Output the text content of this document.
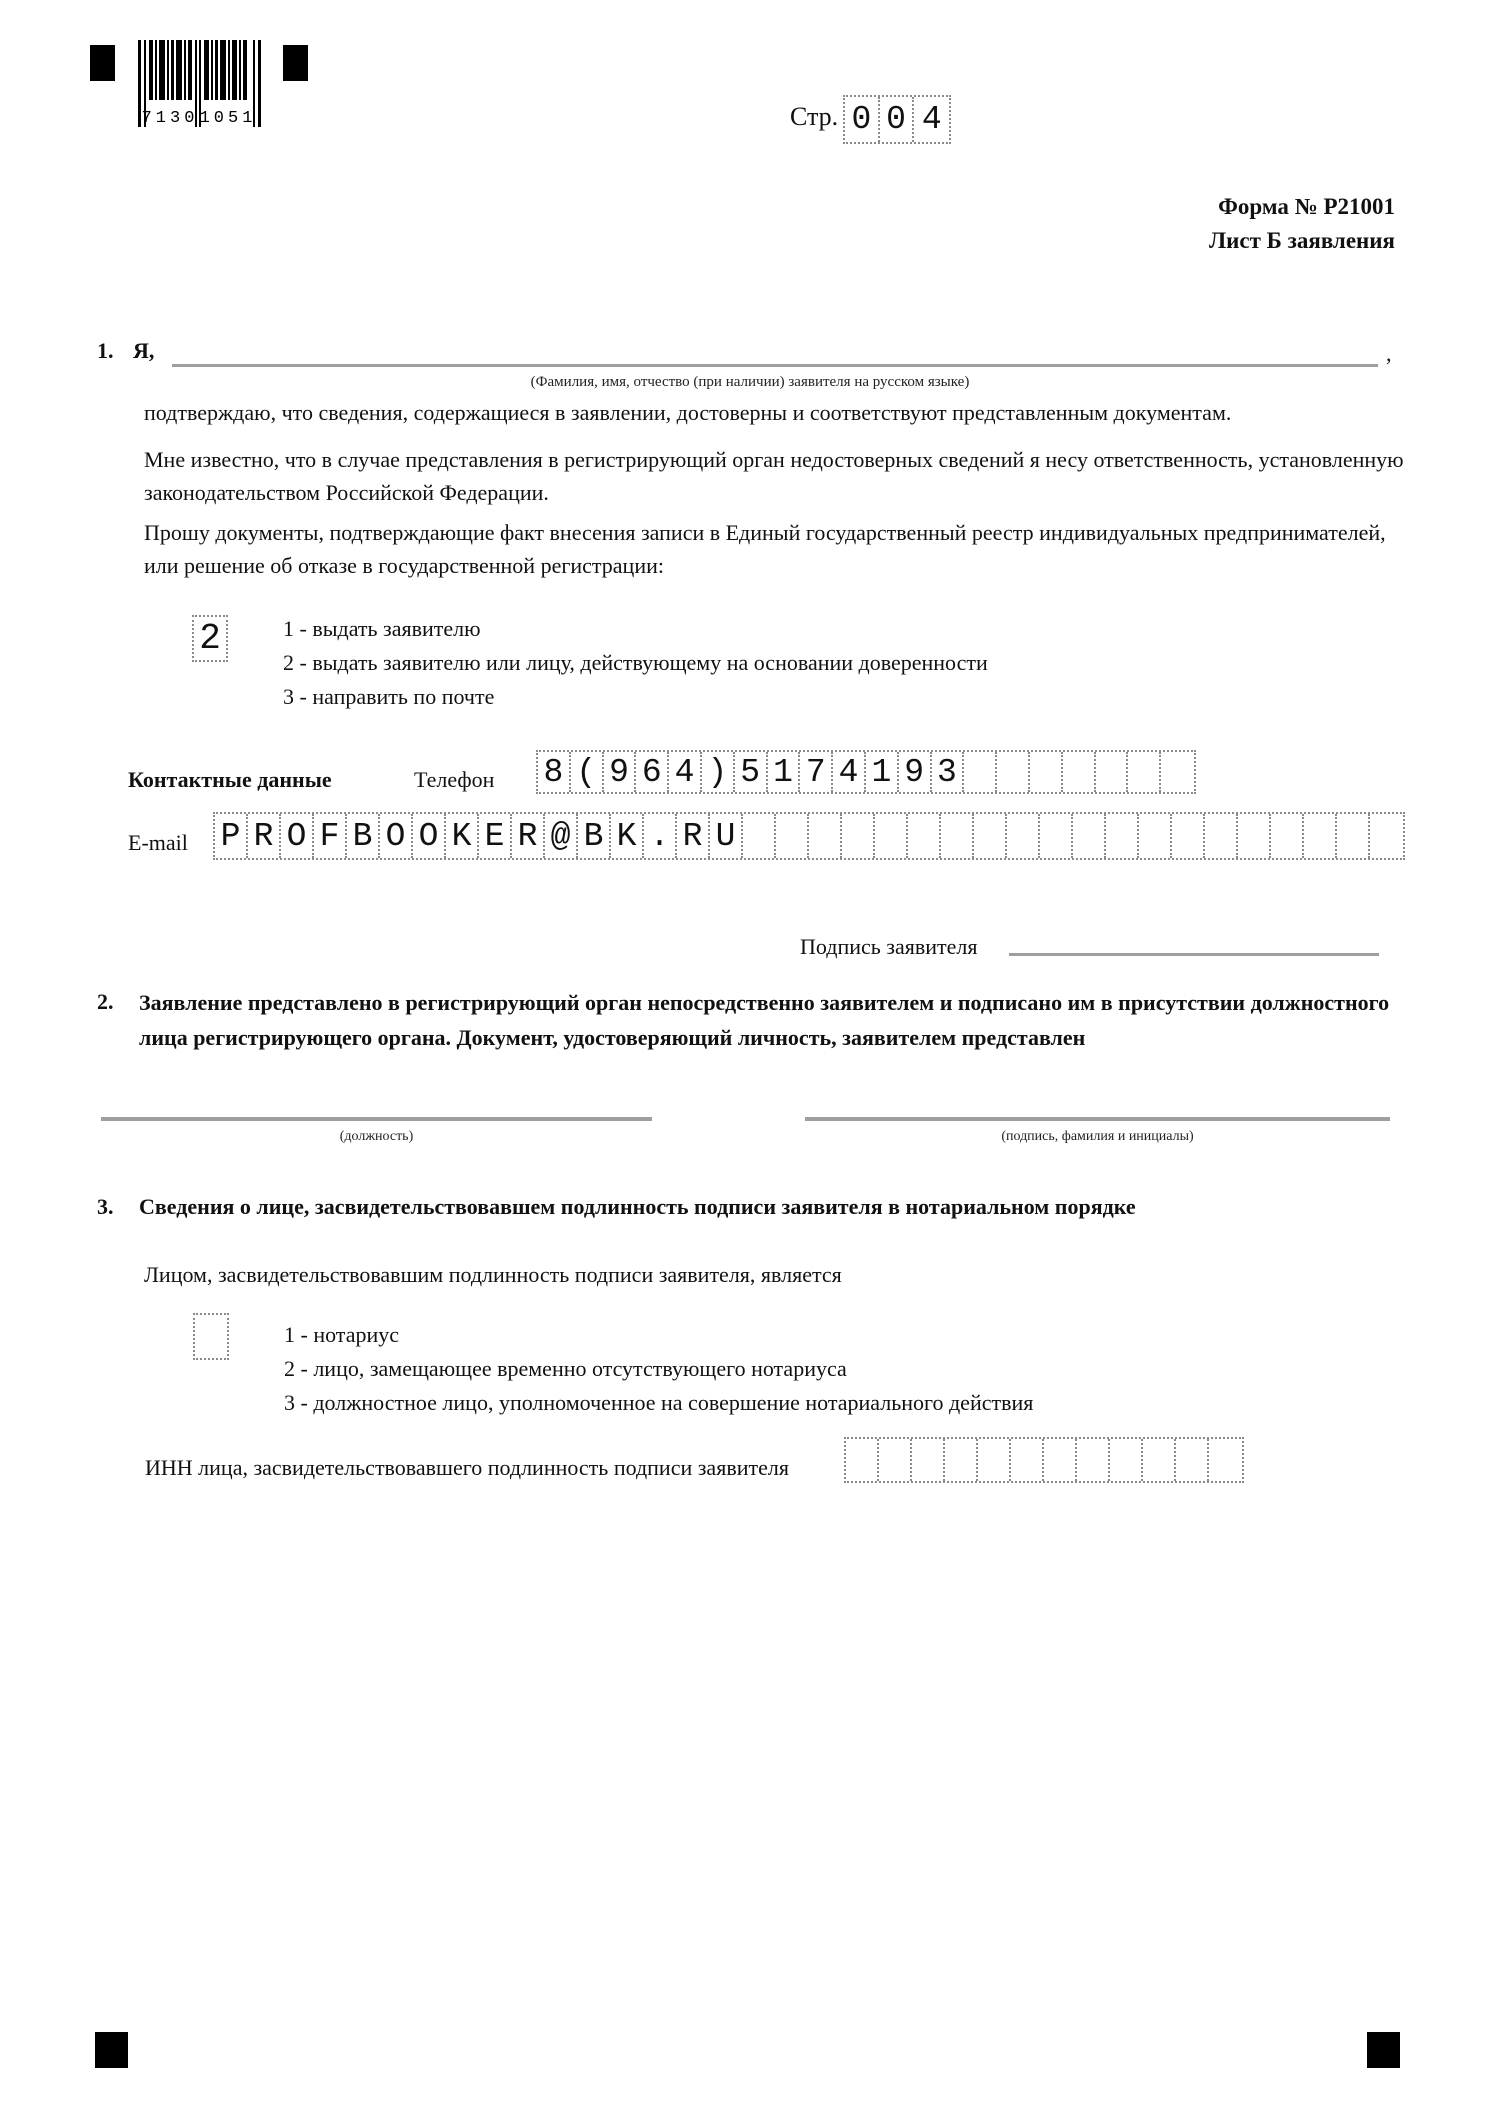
7130 1051	Стр. 0 0 4
Форма № Р21001
Лист Б заявления
1. Я,	,
(Фамилия, имя, отчество (при наличии) заявителя на русском языке)
подтверждаю, что сведения, содержащиеся в заявлении, достоверны и соответствуют представленным документам.
Мне известно, что в случае представления в регистрирующий орган недостоверных сведений я несу ответственность, установленную законодательством Российской Федерации.
Прошу документы, подтверждающие факт внесения записи в Единый государственный реестр индивидуальных предпринимателей, или решение об отказе в государственной регистрации:
2	1 - выдать заявителю
2 - выдать заявителю или лицу, действующему на основании доверенности
3 - направить по почте
Контактные данные	Телефон 8 ( 9 6 4 ) 5 1 7 4 1 9 3
E-mail P R O F B O O K E R @ B K . R U
Подпись заявителя
2. Заявление представлено в регистрирующий орган непосредственно заявителем и подписано им в присутствии должностного лица регистрирующего органа. Документ, удостоверяющий личность, заявителем представлен
(должность)	(подпись, фамилия и инициалы)
3. Сведения о лице, засвидетельствовавшем подлинность подписи заявителя в нотариальном порядке
Лицом, засвидетельствовавшим подлинность подписи заявителя, является
1 - нотариус
2 - лицо, замещающее временно отсутствующего нотариуса
3 - должностное лицо, уполномоченное на совершение нотариального действия
ИНН лица, засвидетельствовавшего подлинность подписи заявителя
